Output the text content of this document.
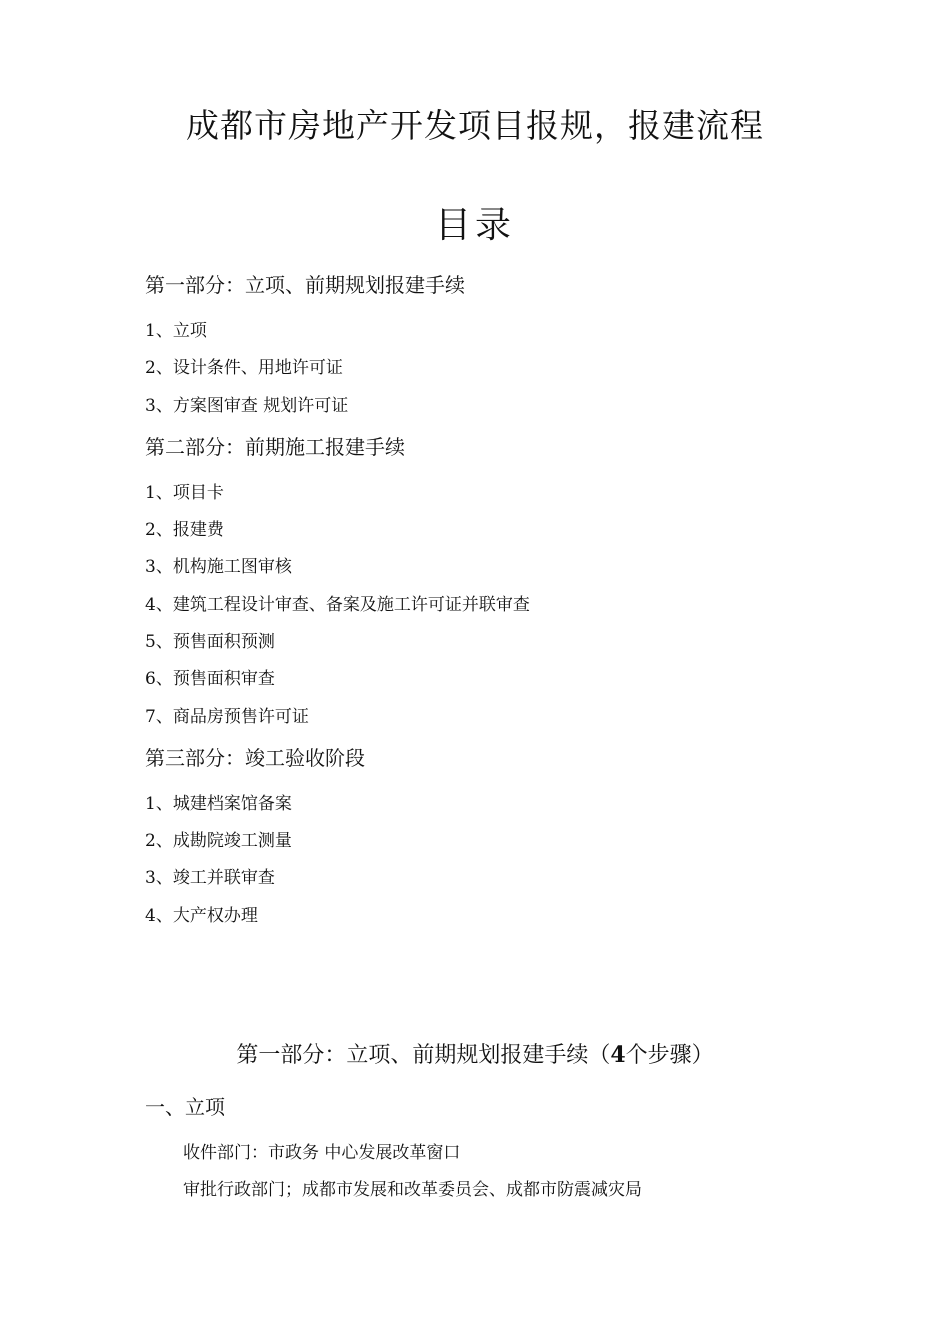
成都市房地产开发项目报规，报建流程
目录
第一部分：立项、前期规划报建手续
1、立项
2、设计条件、用地许可证
3、方案图审查 规划许可证
第二部分：前期施工报建手续
1、项目卡
2、报建费
3、机构施工图审核
4、建筑工程设计审查、备案及施工许可证并联审查
5、预售面积预测
6、预售面积审查
7、商品房预售许可证
第三部分：竣工验收阶段
1、城建档案馆备案
2、成勘院竣工测量
3、竣工并联审查
4、大产权办理
第一部分：立项、前期规划报建手续（4个步骤）
一、立项
收件部门：市政务 中心发展改革窗口
审批行政部门；成都市发展和改革委员会、成都市防震减灾局
